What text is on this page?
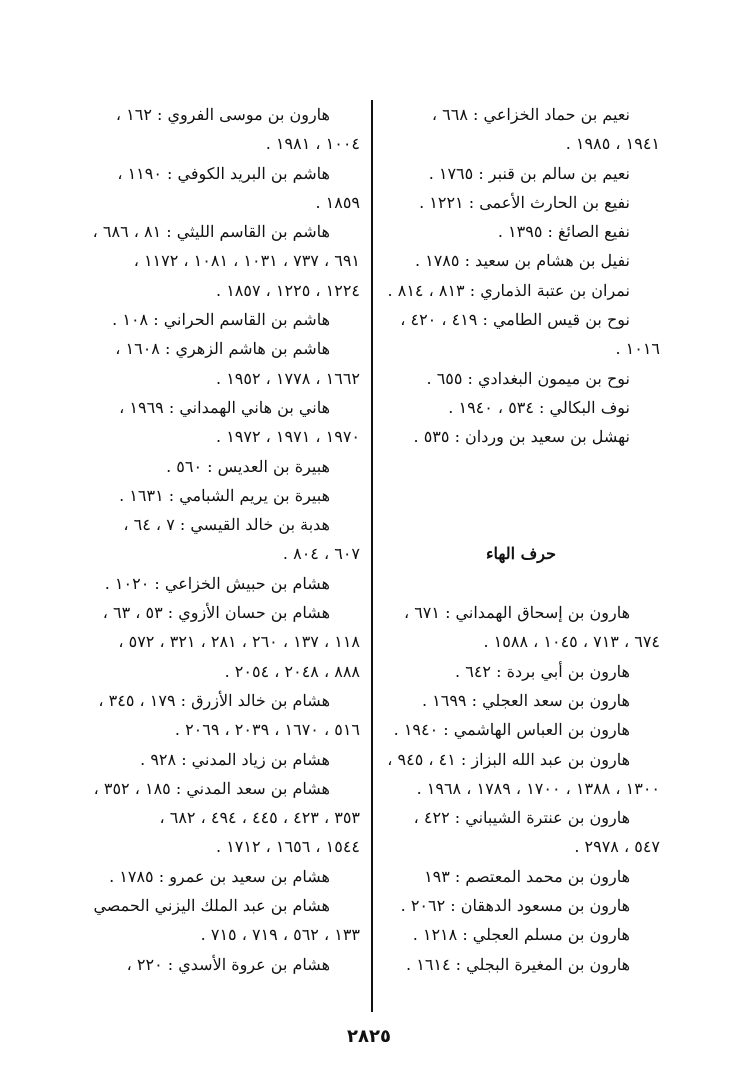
نعيم بن حماد الخزاعي : ٦٦٨ ،
١٩٤١ ، ١٩٨٥ .
نعيم بن سالم بن قنبر : ١٧٦٥ .
نفيع بن الحارث الأعمى : ١٢٢١ .
نفيع الصائغ : ١٣٩٥ .
نفيل بن هشام بن سعيد : ١٧٨٥ .
نمران بن عتبة الذماري : ٨١٣ ، ٨١٤ .
نوح بن قيس الطامي : ٤١٩ ، ٤٢٠ ،
١٠١٦ .
نوح بن ميمون البغدادي : ٦٥٥ .
نوف البكالي : ٥٣٤ ، ١٩٤٠ .
نهشل بن سعيد بن وردان : ٥٣٥ .
حرف الهاء
هارون بن إسحاق الهمداني : ٦٧١ ،
٦٧٤ ، ٧١٣ ، ١٠٤٥ ، ١٥٨٨ .
هارون بن أبي بردة : ٦٤٢ .
هارون بن سعد العجلي : ١٦٩٩ .
هارون بن العباس الهاشمي : ١٩٤٠ .
هارون بن عبد الله البزاز : ٤١ ، ٩٤٥ ،
١٣٠٠ ، ١٣٨٨ ، ١٧٠٠ ، ١٧٨٩ ، ١٩٦٨ .
هارون بن عنترة الشيباني : ٤٢٢ ،
٥٤٧ ، ٢٩٧٨ .
هارون بن محمد المعتصم : ١٩٣
هارون بن مسعود الدهقان : ٢٠٦٢ .
هارون بن مسلم العجلي : ١٢١٨ .
هارون بن المغيرة البجلي : ١٦١٤ .
هارون بن موسى الفروي : ١٦٢ ،
١٠٠٤ ، ١٩٨١ .
هاشم بن البريد الكوفي : ١١٩٠ ،
١٨٥٩ .
هاشم بن القاسم الليثي : ٨١ ، ٦٨٦ ،
٦٩١ ، ٧٣٧ ، ١٠٣١ ، ١٠٨١ ، ١١٧٢ ،
١٢٢٤ ، ١٢٢٥ ، ١٨٥٧ .
هاشم بن القاسم الحراني : ١٠٨ .
هاشم بن هاشم الزهري : ١٦٠٨ ،
١٦٦٢ ، ١٧٧٨ ، ١٩٥٢ .
هاني بن هاني الهمداني : ١٩٦٩ ،
١٩٧٠ ، ١٩٧١ ، ١٩٧٢ .
هبيرة بن العديس : ٥٦٠ .
هبيرة بن يريم الشبامي : ١٦٣١ .
هدبة بن خالد القيسي : ٧ ، ٦٤ ،
٦٠٧ ، ٨٠٤ .
هشام بن حبيش الخزاعي : ١٠٢٠ .
هشام بن حسان الأزوي : ٥٣ ، ٦٣ ،
١١٨ ، ١٣٧ ، ٢٦٠ ، ٢٨١ ، ٣٢١ ، ٥٧٢ ،
٨٨٨ ، ٢٠٤٨ ، ٢٠٥٤ .
هشام بن خالد الأزرق : ١٧٩ ، ٣٤٥ ،
٥١٦ ، ١٦٧٠ ، ٢٠٣٩ ، ٢٠٦٩ .
هشام بن زياد المدني : ٩٢٨ .
هشام بن سعد المدني : ١٨٥ ، ٣٥٢ ،
٣٥٣ ، ٤٢٣ ، ٤٤٥ ، ٤٩٤ ، ٦٨٢ ،
١٥٤٤ ، ١٦٥٦ ، ١٧١٢ .
هشام بن سعيد بن عمرو : ١٧٨٥ .
هشام بن عبد الملك اليزني الحمصي
١٣٣ ، ٥٦٢ ، ٧١٩ ، ٧١٥ .
هشام بن عروة الأسدي : ٢٢٠ ،
٢٨٢٥
